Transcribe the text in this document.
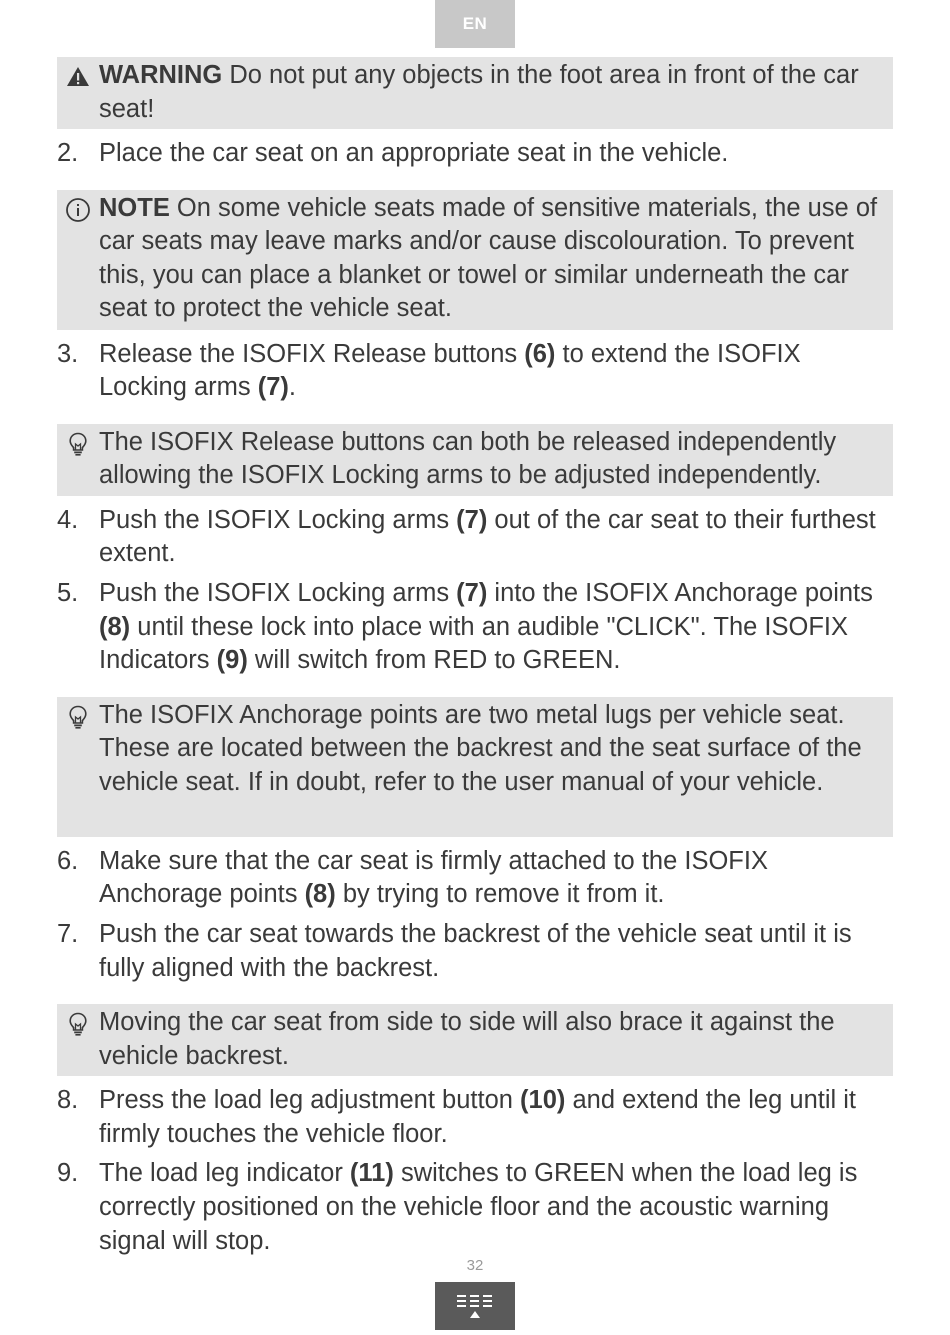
EN
WARNING Do not put any objects in the foot area in front of the car seat!
2. Place the car seat on an appropriate seat in the vehicle.
NOTE On some vehicle seats made of sensitive materials, the use of car seats may leave marks and/or cause discolouration. To prevent this, you can place a blanket or towel or similar underneath the car seat to protect the vehicle seat.
3. Release the ISOFIX Release buttons (6) to extend the ISOFIX Locking arms (7).
The ISOFIX Release buttons can both be released independently allowing the ISOFIX Locking arms to be adjusted independently.
4. Push the ISOFIX Locking arms (7) out of the car seat to their furthest extent.
5. Push the ISOFIX Locking arms (7) into the ISOFIX Anchorage points (8) until these lock into place with an audible "CLICK". The ISOFIX Indicators (9) will switch from RED to GREEN.
The ISOFIX Anchorage points are two metal lugs per vehicle seat. These are located between the backrest and the seat surface of the vehicle seat. If in doubt, refer to the user manual of your vehicle.
6. Make sure that the car seat is firmly attached to the ISOFIX Anchorage points (8) by trying to remove it from it.
7. Push the car seat towards the backrest of the vehicle seat until it is fully aligned with the backrest.
Moving the car seat from side to side will also brace it against the vehicle backrest.
8. Press the load leg adjustment button (10) and extend the leg until it firmly touches the vehicle floor.
9. The load leg indicator (11) switches to GREEN when the load leg is correctly positioned on the vehicle floor and the acoustic warning signal will stop.
32
